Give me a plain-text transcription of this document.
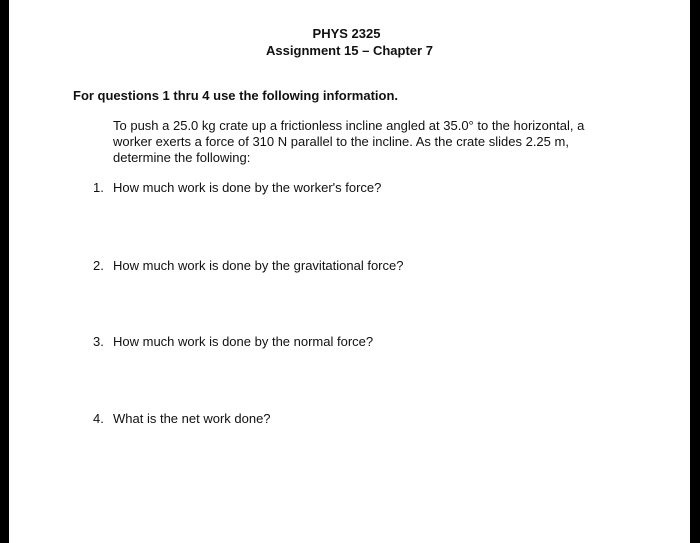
PHYS 2325
Assignment 15 – Chapter 7
For questions 1 thru 4 use the following information.
To push a 25.0 kg crate up a frictionless incline angled at 35.0° to the horizontal, a
worker exerts a force of 310 N parallel to the incline. As the crate slides 2.25 m,
determine the following:
1. How much work is done by the worker's force?
2. How much work is done by the gravitational force?
3. How much work is done by the normal force?
4. What is the net work done?
